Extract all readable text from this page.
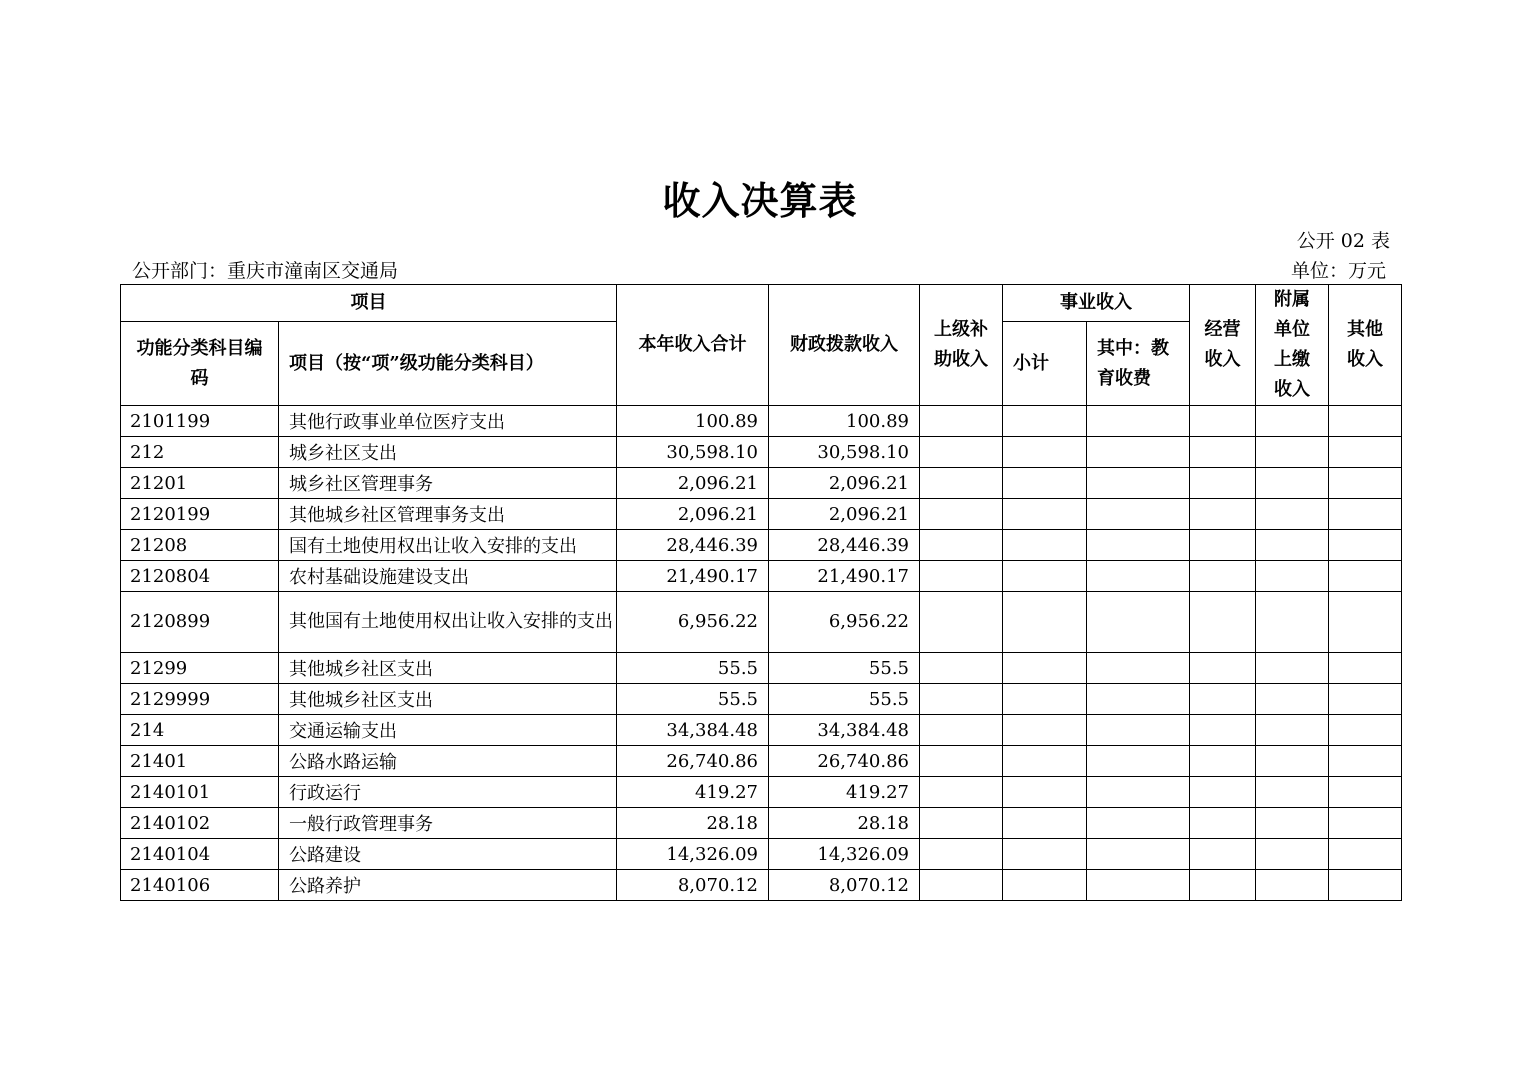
收入决算表
公开 02 表
公开部门：重庆市潼南区交通局	单位：万元
项目		本年收入合计	财政拨款收入	上级补助收入	事业收入		经营收入	附属单位上缴收入	其他收入
功能分类科目编码	项目（按“项”级功能分类科目）				小计	其中：教育收费			
2101199	其他行政事业单位医疗支出	100.89	100.89						
212	城乡社区支出	30,598.10	30,598.10						
21201	城乡社区管理事务	2,096.21	2,096.21						
2120199	其他城乡社区管理事务支出	2,096.21	2,096.21						
21208	国有土地使用权出让收入安排的支出	28,446.39	28,446.39						
2120804	农村基础设施建设支出	21,490.17	21,490.17						
2120899	其他国有土地使用权出让收入安排的支出	6,956.22	6,956.22						
21299	其他城乡社区支出	55.5	55.5						
2129999	其他城乡社区支出	55.5	55.5						
214	交通运输支出	34,384.48	34,384.48						
21401	公路水路运输	26,740.86	26,740.86						
2140101	行政运行	419.27	419.27						
2140102	一般行政管理事务	28.18	28.18						
2140104	公路建设	14,326.09	14,326.09						
2140106	公路养护	8,070.12	8,070.12						
